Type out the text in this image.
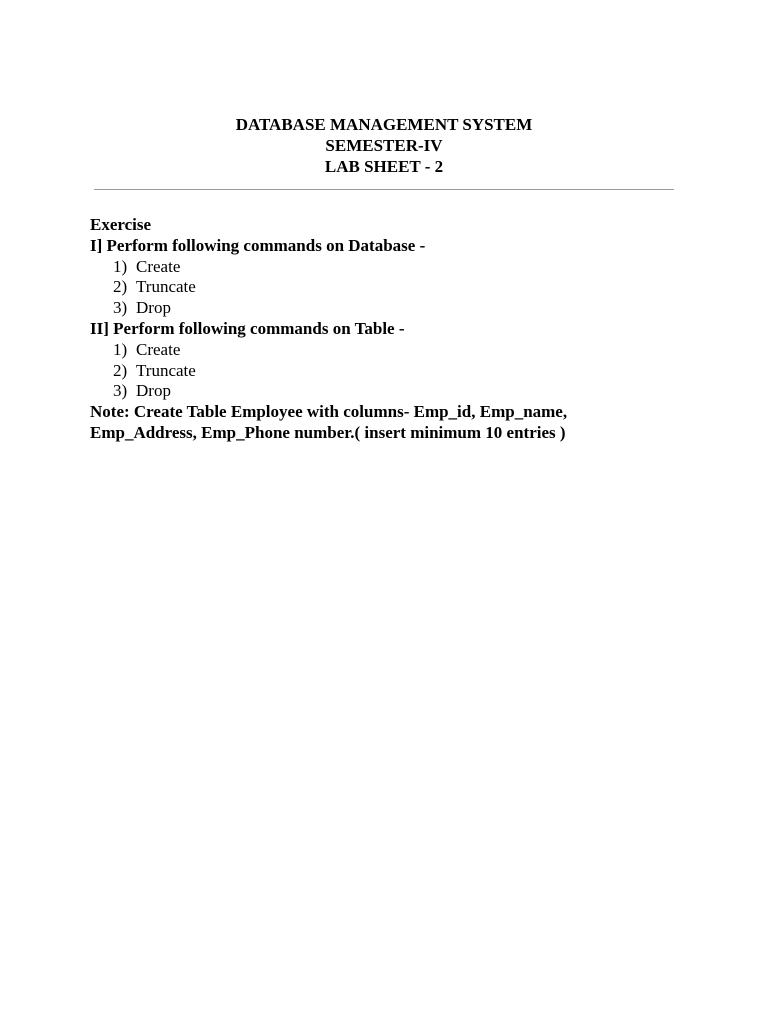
DATABASE MANAGEMENT SYSTEM
SEMESTER-IV
LAB SHEET - 2
Exercise
I] Perform following commands on Database -
1) Create
2) Truncate
3) Drop
II] Perform following commands on Table -
1) Create
2) Truncate
3) Drop
Note: Create Table Employee with columns- Emp_id, Emp_name,
Emp_Address, Emp_Phone number.( insert minimum 10 entries )
